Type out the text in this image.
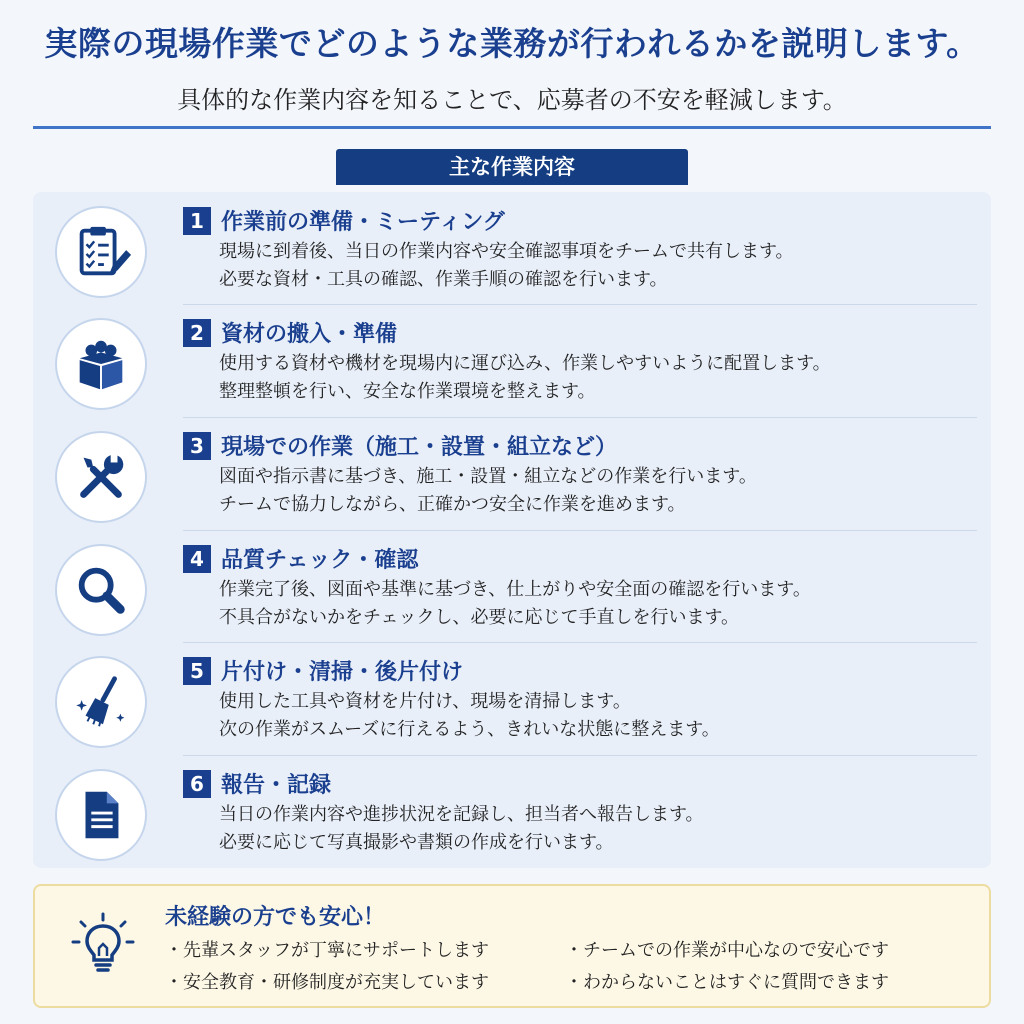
実際の現場作業でどのような業務が行われるかを説明します。
具体的な作業内容を知ることで、応募者の不安を軽減します。
主な作業内容
1 作業前の準備・ミーティング
現場に到着後、当日の作業内容や安全確認事項をチームで共有します。
必要な資材・工具の確認、作業手順の確認を行います。
2 資材の搬入・準備
使用する資材や機材を現場内に運び込み、作業しやすいように配置します。
整理整頓を行い、安全な作業環境を整えます。
3 現場での作業（施工・設置・組立など）
図面や指示書に基づき、施工・設置・組立などの作業を行います。
チームで協力しながら、正確かつ安全に作業を進めます。
4 品質チェック・確認
作業完了後、図面や基準に基づき、仕上がりや安全面の確認を行います。
不具合がないかをチェックし、必要に応じて手直しを行います。
5 片付け・清掃・後片付け
使用した工具や資材を片付け、現場を清掃します。
次の作業がスムーズに行えるよう、きれいな状態に整えます。
6 報告・記録
当日の作業内容や進捗状況を記録し、担当者へ報告します。
必要に応じて写真撮影や書類の作成を行います。
未経験の方でも安心！
・先輩スタッフが丁寧にサポートします	・チームでの作業が中心なので安心です
・安全教育・研修制度が充実しています	・わからないことはすぐに質問できます
